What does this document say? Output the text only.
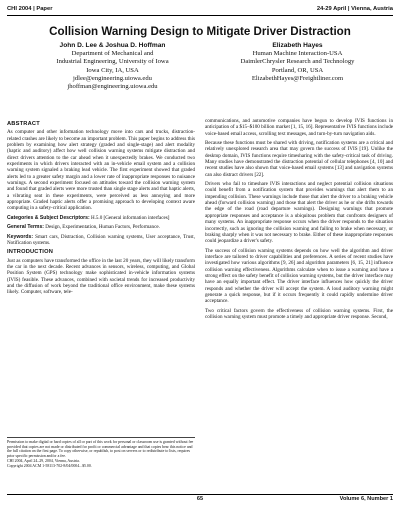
CHI 2004 | Paper	24-29 April | Vienna, Austria
Collision Warning Design to Mitigate Driver Distraction
John D. Lee & Joshua D. Hoffman
Department of Mechanical and
Industrial Engineering, University of Iowa
Iowa City, IA, USA
jdlee@engineering.uiowa.edu
jhoffman@engineering.uiowa.edu
Elizabeth Hayes
Human Machine Interaction-USA
DaimlerChrysler Research and Technology
Portland, OR, USA
ElizabethHayes@Freightliner.com
ABSTRACT

As computer and other information technology move into cars and trucks, distraction-related crashes are likely to become an important problem. This paper begins to address this problem by examining how alert strategy (graded and single-stage) and alert modality (haptic and auditory) affect how well collision warning systems mitigate distraction and direct drivers attention to the car ahead when it unexpectedly brakes. We conducted two experiments in which drivers interacted with an in-vehicle email system and a collision warning system signaled a braking lead vehicle. The first experiment showed that graded alerts led to a greater safety margin and a lower rate of inappropriate responses to nuisance warnings. A second experiment focused on attitudes toward the collision warning system and found that graded alerts were more trusted than single stage alerts and that haptic alerts, a vibrating seat in these experiments, were perceived as less annoying and more appropriate. Graded haptic alerts offer a promising approach to developing context aware computing in a safety-critical application.

Categories & Subject Descriptors: H.5.0 [General information interfaces]

General Terms: Design, Experimentation, Human Factors, Performance.

Keywords: Smart cars, Distraction, Collision warning systems, User acceptance, Trust, Notification systems.

INTRODUCTION

Just as computers have transformed the office in the last 20 years, they will likely transform the car in the next decade. Recent advances in sensors, wireless, computing, and Global Position System (GPS) technology make sophisticated in-vehicle information systems (IVIS) feasible. These advances, combined with societal trends for increased productivity and the diffusion of work beyond the traditional office environment, make these systems likely. Computer, software, tele-

Permission to make digital or hard copies of all or part of this work for personal or classroom use is granted without fee provided that copies are not made or distributed for profit or commercial advantage and that copies bear this notice and the full citation on the first page. To copy otherwise, or republish, to post on servers or to redistribute to lists, requires prior specific permission and/or a fee.

CHI 2004, April 24–29, 2004, Vienna, Austria.

Copyright 2004 ACM 1-58113-702-8/04/0004...$5.00.

communications, and automotive companies have begun to develop IVIS functions in anticipation of a $15–$100 billion market [1, 15, 16]. Representative IVIS functions include voice-based email access, scrolling text messages, and turn-by-turn navigation aids.

Because these functions must be shared with driving, notification systems are a critical and relatively unexplored research area that may govern the success of IVIS [19]. Unlike the desktop domain, IVIS functions require timesharing with the safety-critical task of driving. Many studies have demonstrated the distraction potential of cellular telephones [4, 10] and recent studies have also shown that voice-based email systems [13] and navigation systems can also distract drivers [22].

Drivers who fail to timeshare IVIS interactions and neglect potential collision situations could benefit from a notification system that provides warnings that alert them to an impending collision. These warnings include those that alert the driver to a braking vehicle ahead (forward collision warning) and those that alert the driver as he or she drifts towards the edge of the road (road departure warnings). Designing warnings that promote appropriate responses and acceptance is a ubiquitous problem that confronts designers of many systems. An inappropriate response occurs when the driver responds to the situation incorrectly, such as ignoring the collision warning and failing to brake when necessary, or braking sharply when it was not necessary to brake. Either of these inappropriate responses could jeopardize a driver's safety.

The success of collision warning systems depends on how well the algorithm and driver interface are tailored to driver capabilities and preferences. A series of recent studies have investigated how various algorithms [9, 26] and algorithm parameters [6, 15, 21] influence collision warning effectiveness. Algorithms calculate when to issue a warning and have a strong effect on the safety benefit of collision warning systems, but the driver interface may have an equally important effect. The driver interface influences how quickly the driver responds and whether the driver will accept the system. A loud auditory warning might generate a quick response, but if it occurs frequently it could rapidly undermine driver acceptance.

Two critical factors govern the effectiveness of collision warning systems. First, the collision warning system must promote a timely and appropriate driver response. Second,

65	Volume 6, Number 1
